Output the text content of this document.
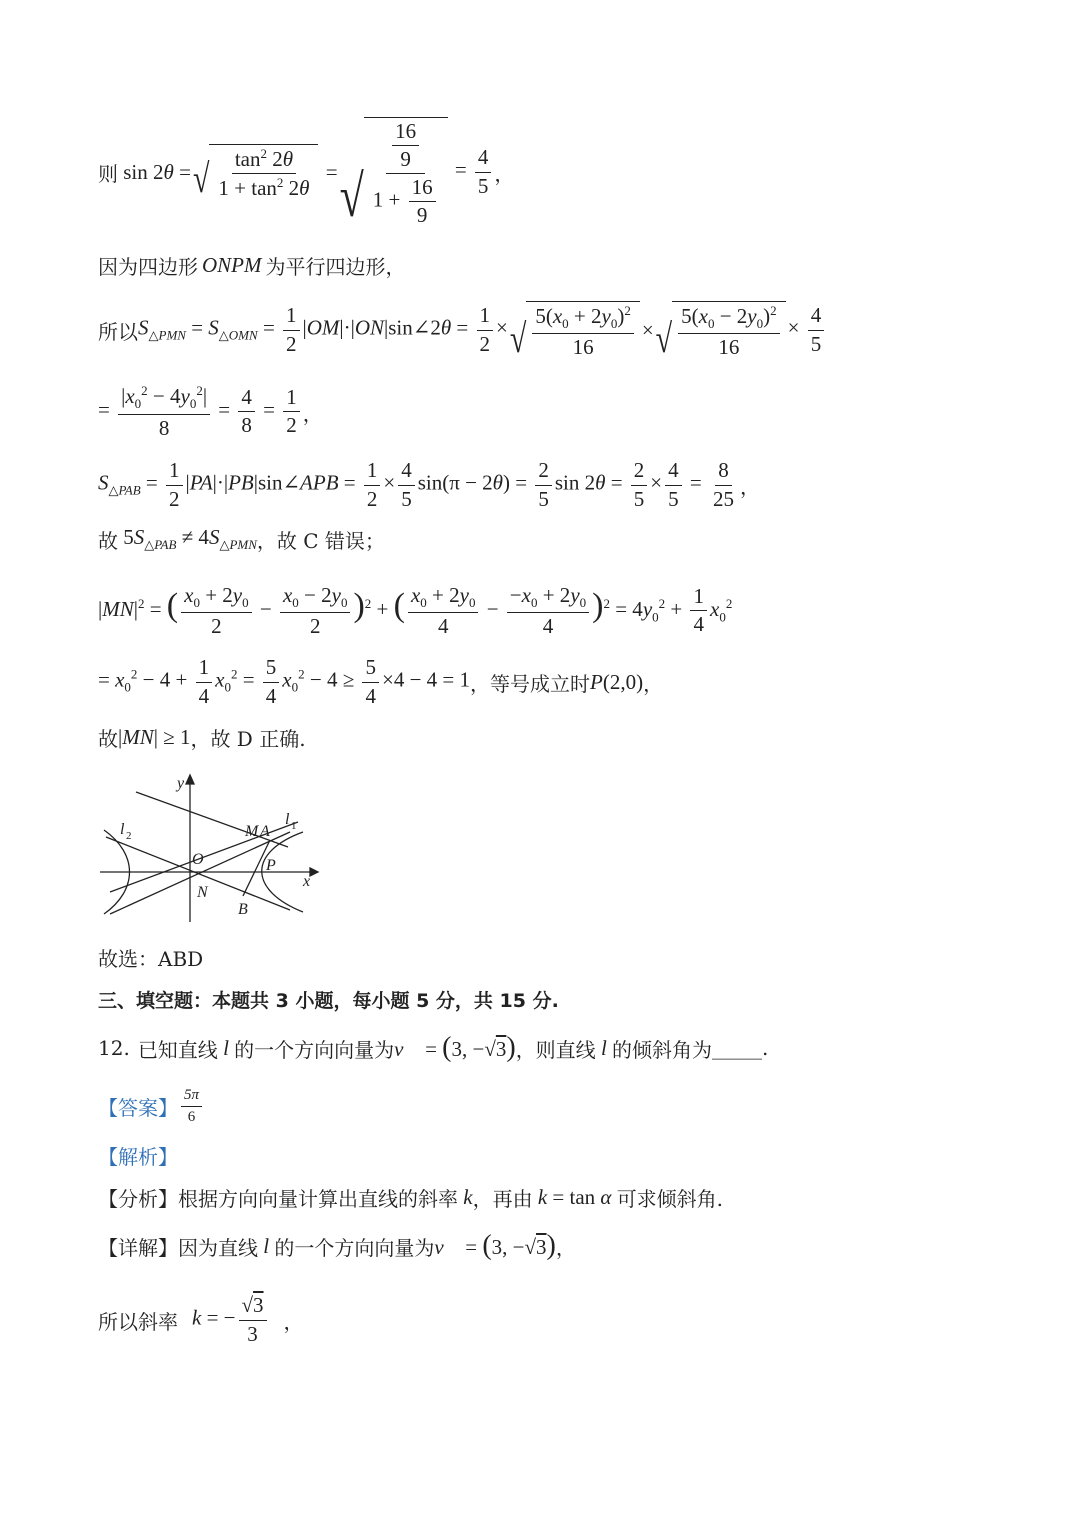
则 sin 2θ = √ $\frac{\tan^2 2\theta}{1 + \tan^2 2\theta}$ = √ $\frac{\frac{16}{9}}{1 + \frac{16}{9}} = \frac{4}{5}$ ，
因为四边形 ONPM 为平行四边形，
所以 $S_{\triangle PMN} = S_{\triangle OMN} = \frac{1}{2}$ |OM|·|ON|sin∠2θ = $\frac{1}{2}$ × √ $\frac{5(x_0 + 2y_0)^2}{16}$ × √ $\frac{5(x_0 - 2y_0)^2}{16} \times \frac{4}{5}$
= $\frac{|x_0^2 - 4y_0^2|}{8} = \frac{4}{8} = \frac{1}{2}$ ，
$S_{\triangle PAB} = \frac{1}{2}$ |PA|·|PB|sin∠APB = $\frac{1}{2} \times \frac{4}{5} \sin(\pi - 2\theta) = \frac{2}{5}$ $\sin 2\theta = \frac{2}{5} \times \frac{4}{5} = \frac{8}{25}$ ，
故 $5S_{\triangle PAB} \ne 4S_{\triangle PMN}$ ，故 C 错误；
$|MN|^2$ = ( $\frac{x_0 + 2y_0}{2} - \frac{x_0 - 2y_0}{2} )^2$ + ( $\frac{x_0 + 2y_0}{4} - \frac{-x_0 + 2y_0}{4} )^2 = 4y_0^2 + \frac{1}{4} x_0^2$
= $x_0^2 - 4 + \frac{1}{4} x_0^2 = \frac{5}{4} x_0^2 - 4 \ge \frac{5}{4} \times 4 - 4 = 1$ ，等号成立时 P(2,0) ，
故 |MN| ≥ 1 ，故 D 正确.
y
x
l 2
l 1
M A
O	P
N
B
故选：ABD
三、填空题：本题共 3 小题，每小题 5 分，共 15 分.
12. 已知直线 l 的一个方向向量为 v⃗ = (3, −√3) ，则直线 l 的倾斜角为 _____ .
【答案】 $\frac{5\pi}{6}$
【解析】
【分析】 根据方向向量计算出直线的斜率 k ，再由 k = tan α 可求倾斜角.
【详解】 因为直线 l 的一个方向向量为 v⃗ = (3, −√3) ，
所以斜率 k = − $\frac{√3}{3}$ ，
